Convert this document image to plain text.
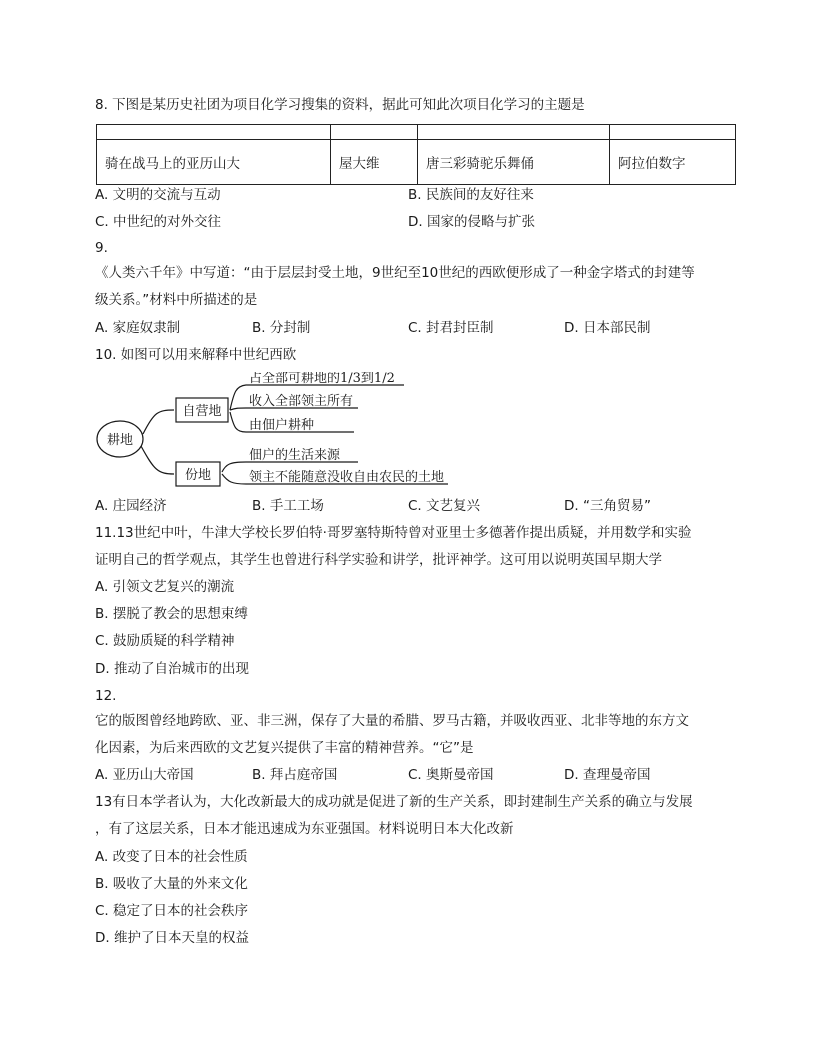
8. 下图是某历史社团为项目化学习搜集的资料，据此可知此次项目化学习的主题是

骑在战马上的亚历山大	屋大维	唐三彩骑驼乐舞俑	阿拉伯数字
A. 文明的交流与互动	B. 民族间的友好往来
C. 中世纪的对外交往	D. 国家的侵略与扩张
9.
《人类六千年》中写道：“由于层层封受土地，9世纪至10世纪的西欧便形成了一种金字塔式的封建等
级关系。”材料中所描述的是
A. 家庭奴隶制	B. 分封制	C. 封君封臣制	D. 日本部民制
10. 如图可以用来解释中世纪西欧
耕地
自营地
份地
占全部可耕地的1/3到1/2
收入全部领主所有
由佃户耕种
佃户的生活来源
领主不能随意没收自由农民的土地
A. 庄园经济	B. 手工工场	C. 文艺复兴	D. “三角贸易”
11.13世纪中叶，牛津大学校长罗伯特·哥罗塞特斯特曾对亚里士多德著作提出质疑，并用数学和实验
证明自己的哲学观点，其学生也曾进行科学实验和讲学，批评神学。这可用以说明英国早期大学
A. 引领文艺复兴的潮流
B. 摆脱了教会的思想束缚
C. 鼓励质疑的科学精神
D. 推动了自治城市的出现
12.
它的版图曾经地跨欧、亚、非三洲，保存了大量的希腊、罗马古籍，并吸收西亚、北非等地的东方文
化因素，为后来西欧的文艺复兴提供了丰富的精神营养。“它”是
A. 亚历山大帝国	B. 拜占庭帝国	C. 奥斯曼帝国	D. 查理曼帝国
13有日本学者认为，大化改新最大的成功就是促进了新的生产关系，即封建制生产关系的确立与发展
，有了这层关系，日本才能迅速成为东亚强国。材料说明日本大化改新
A. 改变了日本的社会性质
B. 吸收了大量的外来文化
C. 稳定了日本的社会秩序
D. 维护了日本天皇的权益
